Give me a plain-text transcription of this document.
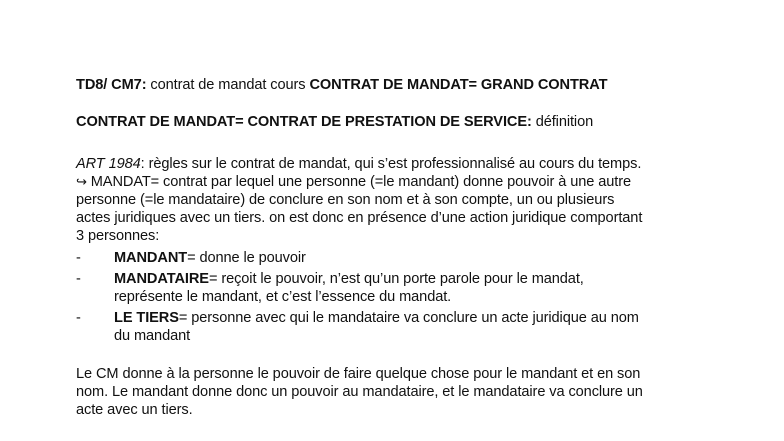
TD8/ CM7: contrat de mandat cours CONTRAT DE MANDAT= GRAND CONTRAT
CONTRAT DE MANDAT= CONTRAT DE PRESTATION DE SERVICE: définition
ART 1984: règles sur le contrat de mandat, qui s’est professionnalisé au cours du temps.
↪ MANDAT= contrat par lequel une personne (=le mandant) donne pouvoir à une autre
personne (=le mandataire) de conclure en son nom et à son compte, un ou plusieurs
actes juridiques avec un tiers. on est donc en présence d’une action juridique comportant
3 personnes:
- MANDANT= donne le pouvoir
- MANDATAIRE= reçoit le pouvoir, n’est qu’un porte parole pour le mandat,
représente le mandant, et c’est l’essence du mandat.
- LE TIERS= personne avec qui le mandataire va conclure un acte juridique au nom
du mandant
Le CM donne à la personne le pouvoir de faire quelque chose pour le mandant et en son
nom. Le mandant donne donc un pouvoir au mandataire, et le mandataire va conclure un
acte avec un tiers.
